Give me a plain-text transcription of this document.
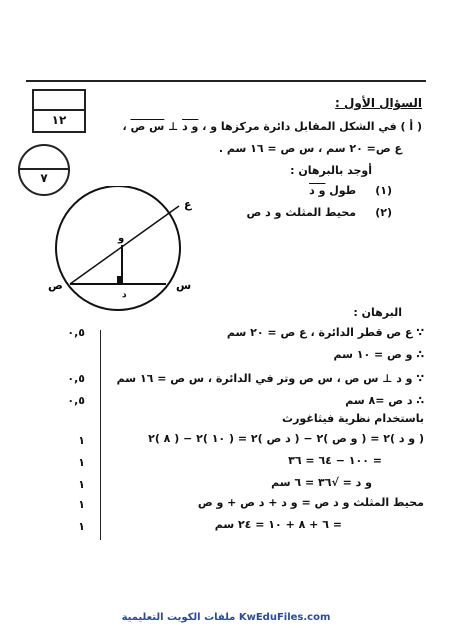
١٢
٧
السؤال الأول :
( أ ) في الشكل المقابل دائرة مركزها و ، و د ⊥ س ص ،
ع ص= ٢٠ سم ، س ص = ١٦ سم .
أوجد بالبرهان :
(١)     طول و د
(٢)     محيط المثلث و د ص
ع
و
د
ص	س
البرهان :
∵ ع ص قطر الدائرة ، ع ص = ٢٠ سم
٠,٥
∴ و ص = ١٠ سم
∵ و د ⊥ س ص ، س ص وتر في الدائرة ، س ص = ١٦ سم
٠,٥
∴ د ص =٨ سم
٠,٥
باستخدام نظرية فيثاغورث
( و د )٢ = ( و ص )٢ − ( د ص )٢ = ( ١٠ )٢ − ( ٨ )٢
١
= ١٠٠ − ٦٤ = ٣٦
١
و د = √٣٦ = ٦ سم
١
محيط المثلث و د ص = و د + د ص + و ص
١
= ٦ + ٨ + ١٠ = ٢٤ سم
١
ملفات الكويت التعليمية KwEduFiles.com
